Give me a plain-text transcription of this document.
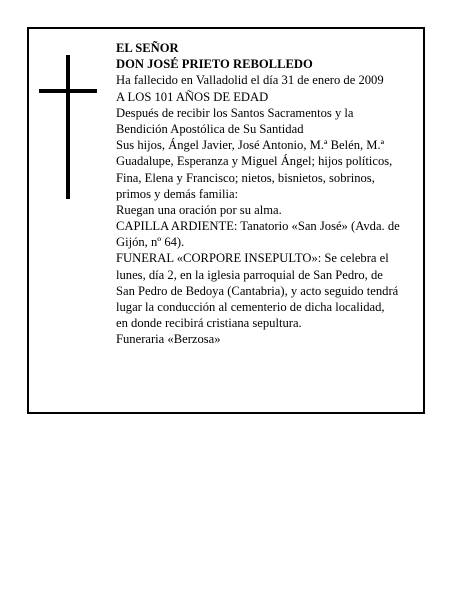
EL SEÑOR
DON JOSÉ PRIETO REBOLLEDO
Ha fallecido en Valladolid el día 31 de enero de 2009
A LOS 101 AÑOS DE EDAD
Después de recibir los Santos Sacramentos y la
Bendición Apostólica de Su Santidad
Sus hijos, Ángel Javier, José Antonio, M.ª Belén, M.ª
Guadalupe, Esperanza y Miguel Ángel; hijos políticos,
Fina, Elena y Francisco; nietos, bisnietos, sobrinos,
primos y demás familia:
Ruegan una oración por su alma.
CAPILLA ARDIENTE: Tanatorio «San José» (Avda. de
Gijón, nº 64).
FUNERAL «CORPORE INSEPULTO»: Se celebra el
lunes, día 2, en la iglesia parroquial de San Pedro, de
San Pedro de Bedoya (Cantabria), y acto seguido tendrá
lugar la conducción al cementerio de dicha localidad,
en donde recibirá cristiana sepultura.
Funeraria «Berzosa»
